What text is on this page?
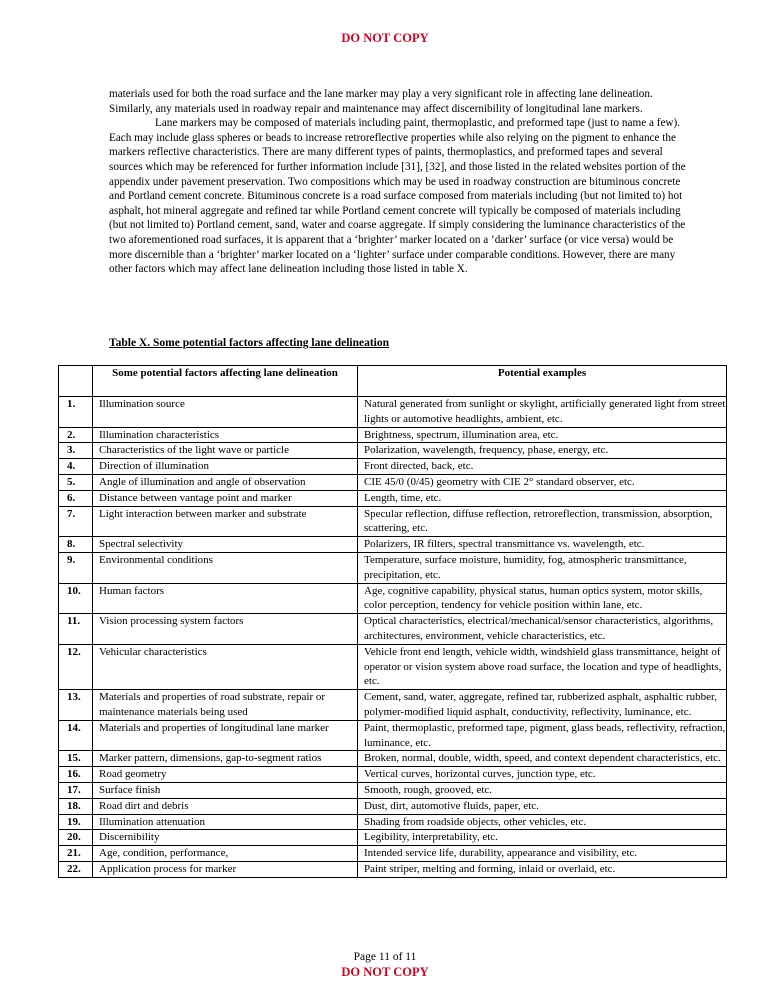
DO NOT COPY

materials used for both the road surface and the lane marker may play a very significant role in affecting lane delineation. Similarly, any materials used in roadway repair and maintenance may affect discernibility of longitudinal lane markers.

Lane markers may be composed of materials including paint, thermoplastic, and preformed tape (just to name a few). Each may include glass spheres or beads to increase retroreflective properties while also relying on the pigment to enhance the markers reflective characteristics. There are many different types of paints, thermoplastics, and preformed tapes and several sources which may be referenced for further information include [31], [32], and those listed in the related websites portion of the appendix under pavement preservation. Two compositions which may be used in roadway construction are bituminous concrete and Portland cement concrete. Bituminous concrete is a road surface composed from materials including (but not limited to) hot asphalt, hot mineral aggregate and refined tar while Portland cement concrete will typically be composed of materials including (but not limited to) Portland cement, sand, water and coarse aggregate. If simply considering the luminance characteristics of the two aforementioned road surfaces, it is apparent that a ‘brighter’ marker located on a ‘darker’ surface (or vice versa) would be more discernible than a ‘brighter’ marker located on a ‘lighter’ surface under comparable conditions. However, there are many other factors which may affect lane delineation including those listed in table X.

Table X. Some potential factors affecting lane delineation
	Some potential factors affecting lane delineation	Potential examples
1.	Illumination source	Natural generated from sunlight or skylight, artificially generated light from street lights or automotive headlights, ambient, etc.
2.	Illumination characteristics	Brightness, spectrum, illumination area, etc.
3.	Characteristics of the light wave or particle	Polarization, wavelength, frequency, phase, energy, etc.
4.	Direction of illumination	Front directed, back, etc.
5.	Angle of illumination and angle of observation	CIE 45/0 (0/45) geometry with CIE 2° standard observer, etc.
6.	Distance between vantage point and marker	Length, time, etc.
7.	Light interaction between marker and substrate	Specular reflection, diffuse reflection, retroreflection, transmission, absorption, scattering, etc.
8.	Spectral selectivity	Polarizers, IR filters, spectral transmittance vs. wavelength, etc.
9.	Environmental conditions	Temperature, surface moisture, humidity, fog, atmospheric transmittance, precipitation, etc.
10.	Human factors	Age, cognitive capability, physical status, human optics system, motor skills, color perception, tendency for vehicle position within lane, etc.
11.	Vision processing system factors	Optical characteristics, electrical/mechanical/sensor characteristics, algorithms, architectures, environment, vehicle characteristics, etc.
12.	Vehicular characteristics	Vehicle front end length, vehicle width, windshield glass transmittance, height of operator or vision system above road surface, the location and type of headlights, etc.
13.	Materials and properties of road substrate, repair or maintenance materials being used	Cement, sand, water, aggregate, refined tar, rubberized asphalt, asphaltic rubber, polymer-modified liquid asphalt, conductivity, reflectivity, luminance, etc.
14.	Materials and properties of longitudinal lane marker	Paint, thermoplastic, preformed tape, pigment, glass beads, reflectivity, refraction, luminance, etc.
15.	Marker pattern, dimensions, gap-to-segment ratios	Broken, normal, double, width, speed, and context dependent characteristics, etc.
16.	Road geometry	Vertical curves, horizontal curves, junction type, etc.
17.	Surface finish	Smooth, rough, grooved, etc.
18.	Road dirt and debris	Dust, dirt, automotive fluids, paper, etc.
19.	Illumination attenuation	Shading from roadside objects, other vehicles, etc.
20.	Discernibility	Legibility, interpretability, etc.
21.	Age, condition, performance,	Intended service life, durability, appearance and visibility, etc.
22.	Application process for marker	Paint striper, melting and forming, inlaid or overlaid, etc.
Page 11 of 11
DO NOT COPY
